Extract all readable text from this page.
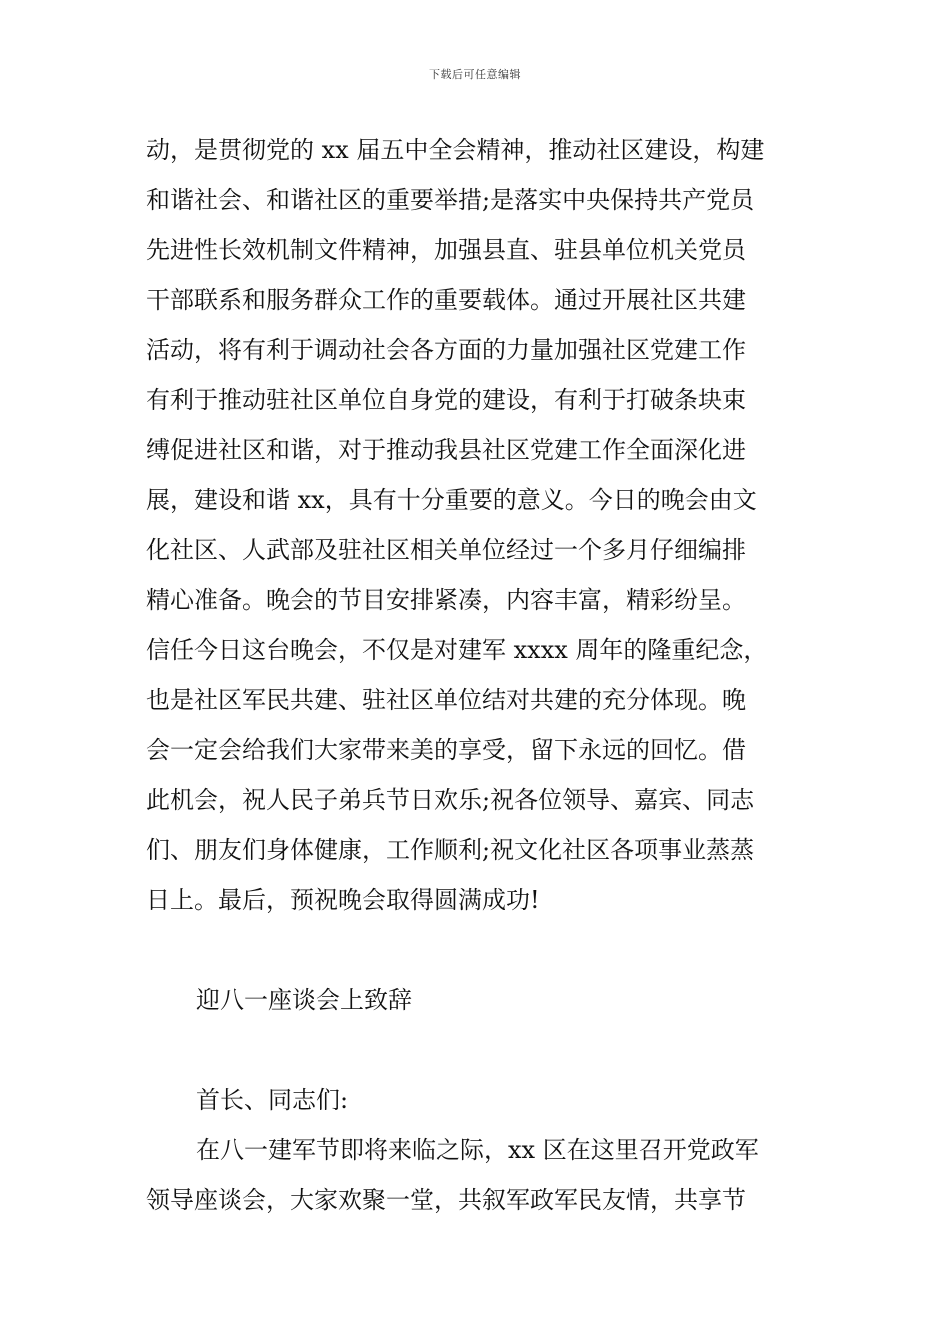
下载后可任意编辑
动，是贯彻党的 xx 届五中全会精神，推动社区建设，构建
和谐社会、和谐社区的重要举措;是落实中央保持共产党员
先进性长效机制文件精神，加强县直、驻县单位机关党员
干部联系和服务群众工作的重要载体。通过开展社区共建
活动，将有利于调动社会各方面的力量加强社区党建工作
有利于推动驻社区单位自身党的建设，有利于打破条块束
缚促进社区和谐，对于推动我县社区党建工作全面深化进
展，建设和谐 xx，具有十分重要的意义。今日的晚会由文
化社区、人武部及驻社区相关单位经过一个多月仔细编排
精心准备。晚会的节目安排紧凑，内容丰富，精彩纷呈。
信任今日这台晚会，不仅是对建军 xxxx 周年的隆重纪念，
也是社区军民共建、驻社区单位结对共建的充分体现。晚
会一定会给我们大家带来美的享受，留下永远的回忆。借
此机会，祝人民子弟兵节日欢乐;祝各位领导、嘉宾、同志
们、朋友们身体健康，工作顺利;祝文化社区各项事业蒸蒸
日上。最后，预祝晚会取得圆满成功!
迎八一座谈会上致辞
首长、同志们:
在八一建军节即将来临之际，xx 区在这里召开党政军
领导座谈会，大家欢聚一堂，共叙军政军民友情，共享节
